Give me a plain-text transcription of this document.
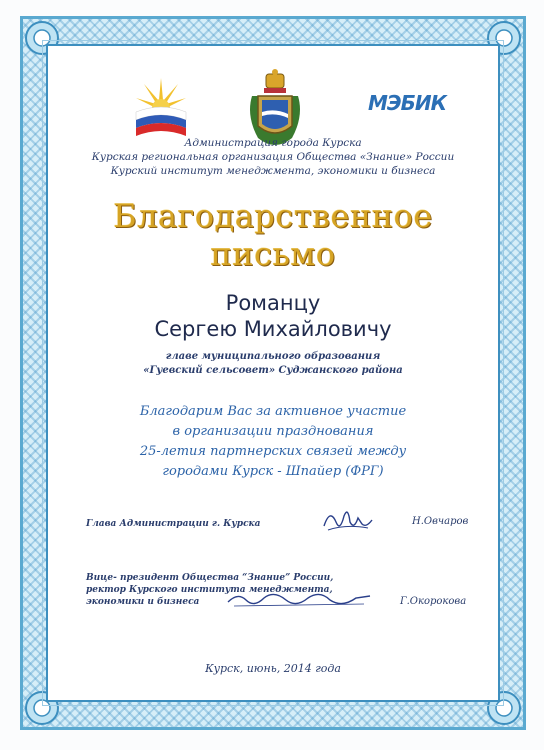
МЭБИК
Администрация города Курска
Курская региональная организация Общества «Знание» России
Курский институт менеджмента, экономики и бизнеса
Благодарственное
письмо
Романцу
Сергею Михайловичу
главе муниципального образования
«Гуевский сельсовет» Суджанского района
Благодарим Вас за активное участие
в организации празднования
25-летия партнерских связей между
городами Курск - Шпайер (ФРГ)
Глава Администрации г. Курска	Н.Овчаров
Вице- президент Общества “Знание” России,
ректор Курского института менеджмента,
экономики и бизнеса	Г.Окорокова
Курск, июнь, 2014 года
